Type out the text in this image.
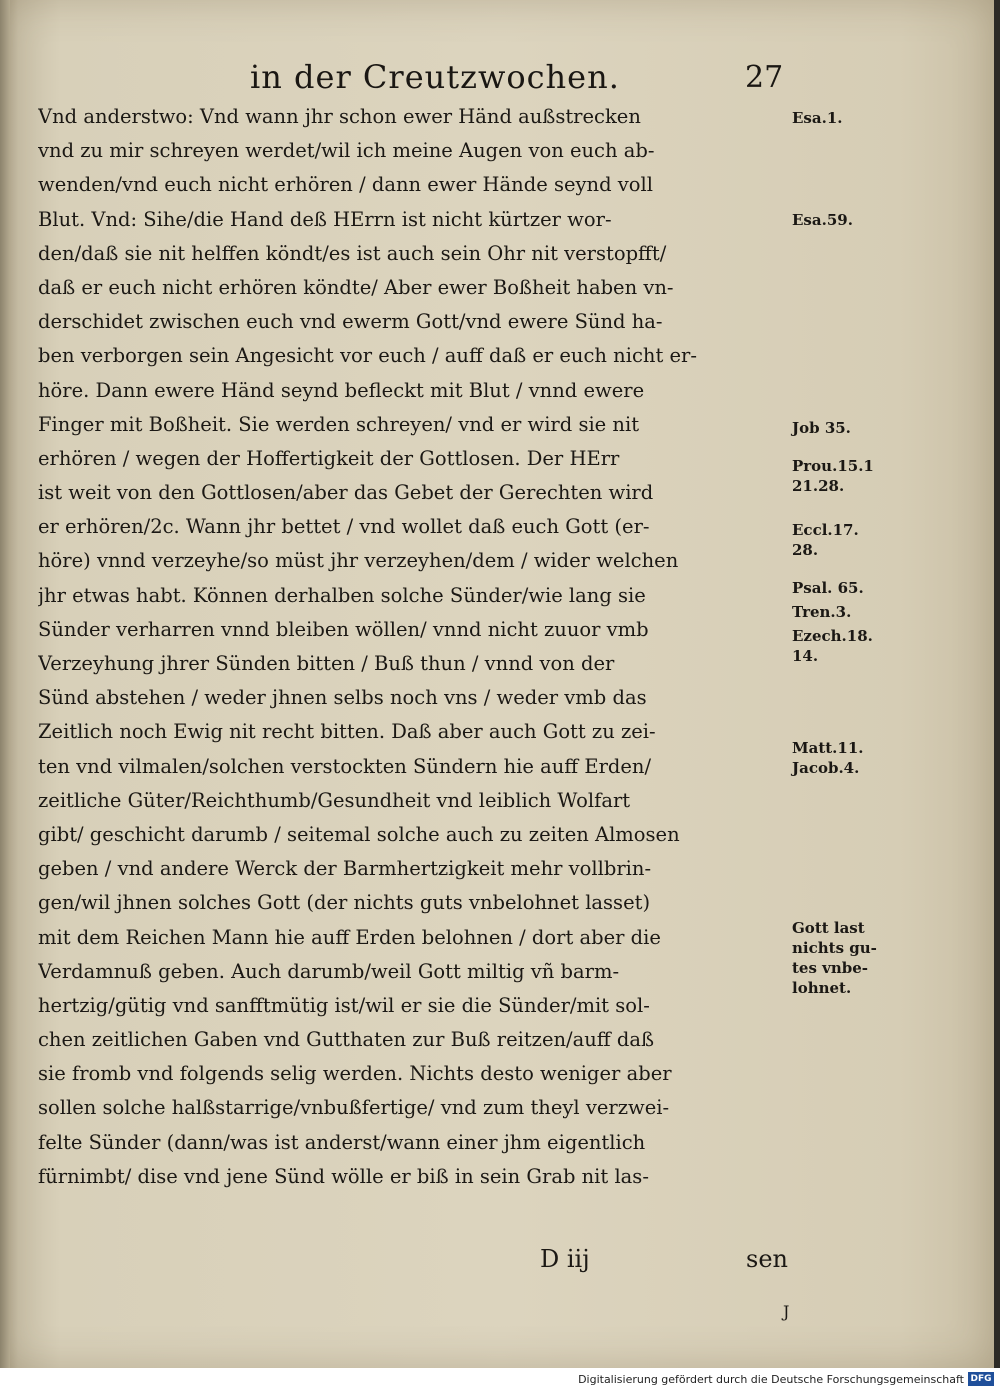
in der Creutzwochen.	27
Vnd anderstwo: Vnd wann jhr schon ewer Händ außstrecken
vnd zu mir schreyen werdet/wil ich meine Augen von euch ab-
wenden/vnd euch nicht erhören / dann ewer Hände seynd voll
Blut. Vnd: Sihe/die Hand deß HErrn ist nicht kürtzer wor-
den/daß sie nit helffen köndt/es ist auch sein Ohr nit verstopfft/
daß er euch nicht erhören köndte/ Aber ewer Boßheit haben vn-
derschidet zwischen euch vnd ewerm Gott/vnd ewere Sünd ha-
ben verborgen sein Angesicht vor euch / auff daß er euch nicht er-
höre. Dann ewere Händ seynd befleckt mit Blut / vnnd ewere
Finger mit Boßheit. Sie werden schreyen/ vnd er wird sie nit
erhören / wegen der Hoffertigkeit der Gottlosen. Der HErr
ist weit von den Gottlosen/aber das Gebet der Gerechten wird
er erhören/2c. Wann jhr bettet / vnd wollet daß euch Gott (er-
höre) vnnd verzeyhe/so müst jhr verzeyhen/dem / wider welchen
jhr etwas habt. Können derhalben solche Sünder/wie lang sie
Sünder verharren vnnd bleiben wöllen/ vnnd nicht zuuor vmb
Verzeyhung jhrer Sünden bitten / Buß thun / vnnd von der
Sünd abstehen / weder jhnen selbs noch vns / weder vmb das
Zeitlich noch Ewig nit recht bitten. Daß aber auch Gott zu zei-
ten vnd vilmalen/solchen verstockten Sündern hie auff Erden/
zeitliche Güter/Reichthumb/Gesundheit vnd leiblich Wolfart
gibt/ geschicht darumb / seitemal solche auch zu zeiten Almosen
geben / vnd andere Werck der Barmhertzigkeit mehr vollbrin-
gen/wil jhnen solches Gott (der nichts guts vnbelohnet lasset)
mit dem Reichen Mann hie auff Erden belohnen / dort aber die
Verdamnuß geben. Auch darumb/weil Gott miltig vñ barm-
hertzig/gütig vnd sanfftmütig ist/wil er sie die Sünder/mit sol-
chen zeitlichen Gaben vnd Gutthaten zur Buß reitzen/auff daß
sie fromb vnd folgends selig werden. Nichts desto weniger aber
sollen solche halßstarrige/vnbußfertige/ vnd zum theyl verzwei-
felte Sünder (dann/was ist anderst/wann einer jhm eigentlich
fürnimbt/ dise vnd jene Sünd wölle er biß in sein Grab nit las-
Esa.1.
Esa.59.
Job 35.
Prou.15.1
21.28.
Eccl.17.
28.
Psal. 65.
Tren.3.
Ezech.18.
14.
Matt.11.
Jacob.4.
Gott last
nichts gu-
tes vnbe-
lohnet.
D iij	sen
J
Digitalisierung gefördert durch die Deutsche Forschungsgemeinschaft DFG
